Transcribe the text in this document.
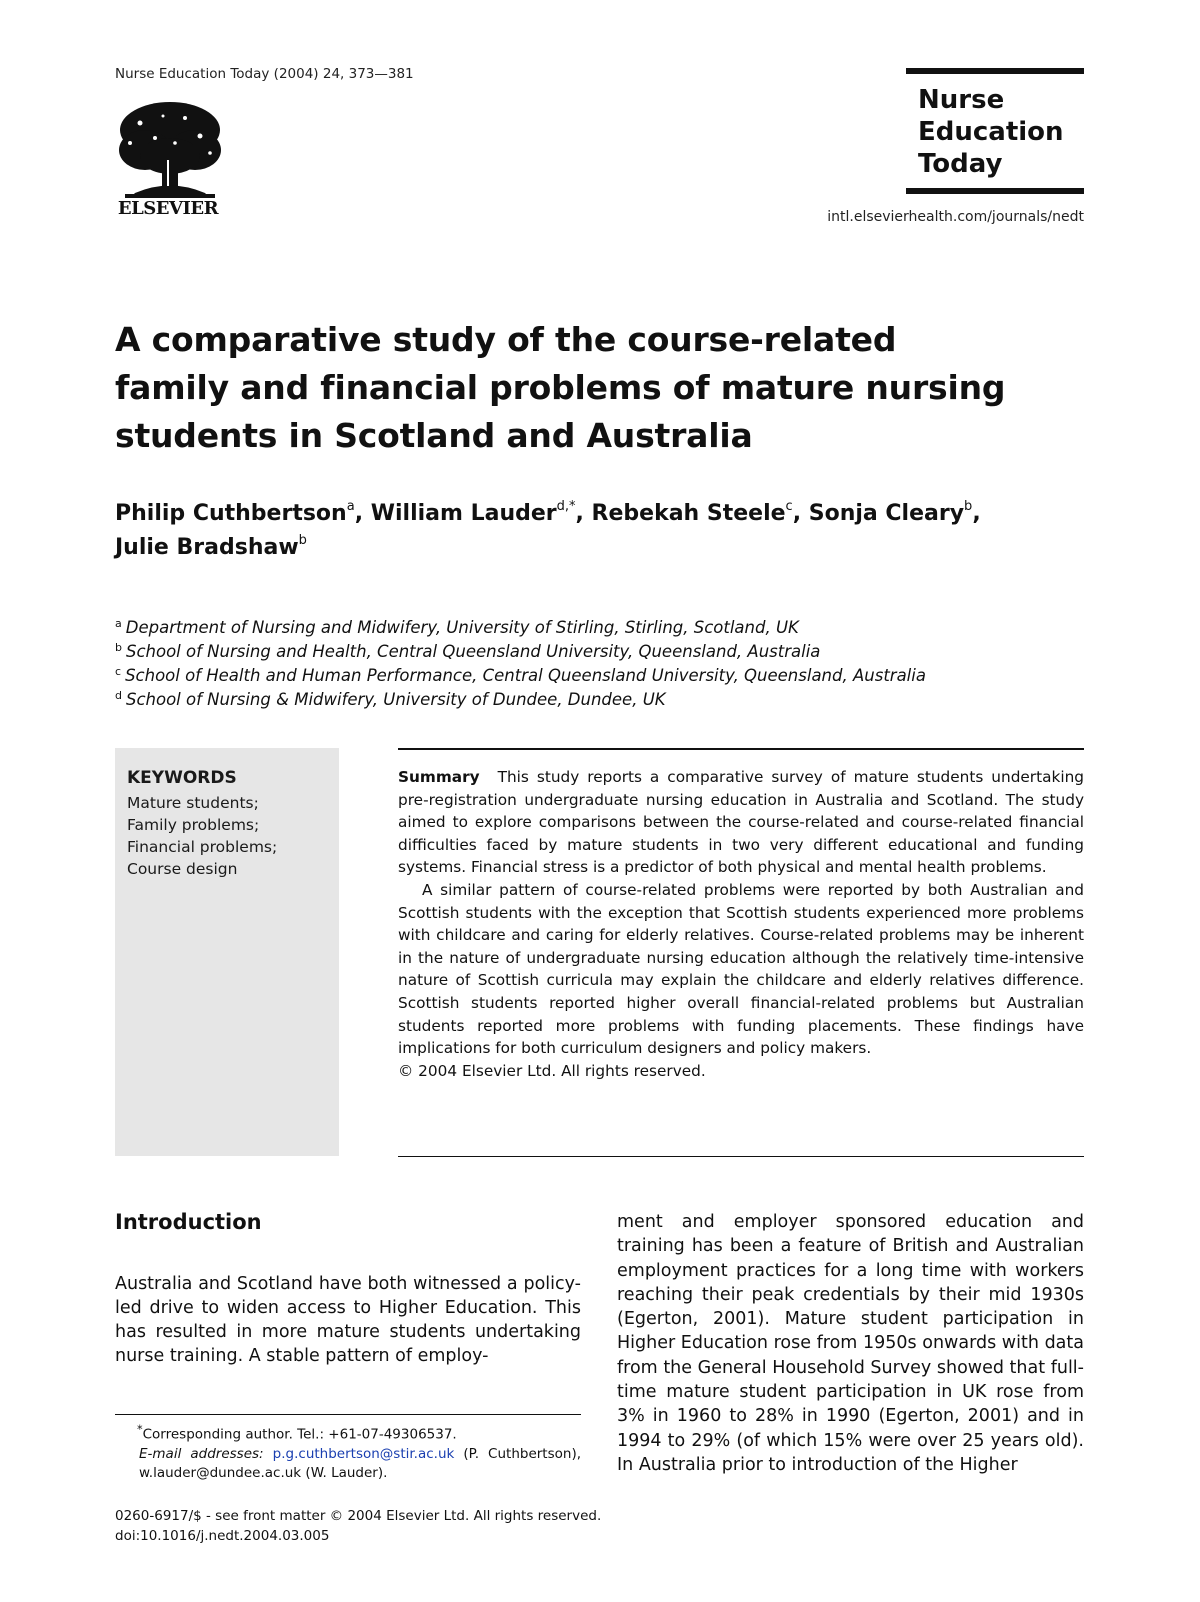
Nurse Education Today (2004) 24, 373—381
ELSEVIER
Nurse
Education
Today
intl.elsevierhealth.com/journals/nedt
A comparative study of the course-related family and financial problems of mature nursing students in Scotland and Australia
Philip Cuthbertson$^a$, William Lauder$^{d,*}$, Rebekah Steele$^c$, Sonja Cleary$^b$,
Julie Bradshaw$^b$
$^a$ Department of Nursing and Midwifery, University of Stirling, Stirling, Scotland, UK
$^b$ School of Nursing and Health, Central Queensland University, Queensland, Australia
$^c$ School of Health and Human Performance, Central Queensland University, Queensland, Australia
$^d$ School of Nursing & Midwifery, University of Dundee, Dundee, UK
KEYWORDS
Mature students;
Family problems;
Financial problems;
Course design

Summary This study reports a comparative survey of mature students undertaking pre-registration undergraduate nursing education in Australia and Scotland. The study aimed to explore comparisons between the course-related and course-related financial difficulties faced by mature students in two very different educational and funding systems. Financial stress is a predictor of both physical and mental health problems.

A similar pattern of course-related problems were reported by both Australian and Scottish students with the exception that Scottish students experienced more problems with childcare and caring for elderly relatives. Course-related problems may be inherent in the nature of undergraduate nursing education although the relatively time-intensive nature of Scottish curricula may explain the childcare and elderly relatives difference. Scottish students reported higher overall financial-related problems but Australian students reported more problems with funding placements. These findings have implications for both curriculum designers and policy makers.

© 2004 Elsevier Ltd. All rights reserved.

Introduction

Australia and Scotland have both witnessed a policy-led drive to widen access to Higher Education. This has resulted in more mature students undertaking nurse training. A stable pattern of employ-

ment and employer sponsored education and training has been a feature of British and Australian employment practices for a long time with workers reaching their peak credentials by their mid 1930s (Egerton, 2001). Mature student participation in Higher Education rose from 1950s onwards with data from the General Household Survey showed that full-time mature student participation in UK rose from 3% in 1960 to 28% in 1990 (Egerton, 2001) and in 1994 to 29% (of which 15% were over 25 years old). In Australia prior to introduction of the Higher

*Corresponding author. Tel.: +61-07-49306537.
E-mail addresses: p.g.cuthbertson@stir.ac.uk (P. Cuthbertson), w.lauder@dundee.ac.uk (W. Lauder).
0260-6917/$ - see front matter © 2004 Elsevier Ltd. All rights reserved.
doi:10.1016/j.nedt.2004.03.005
